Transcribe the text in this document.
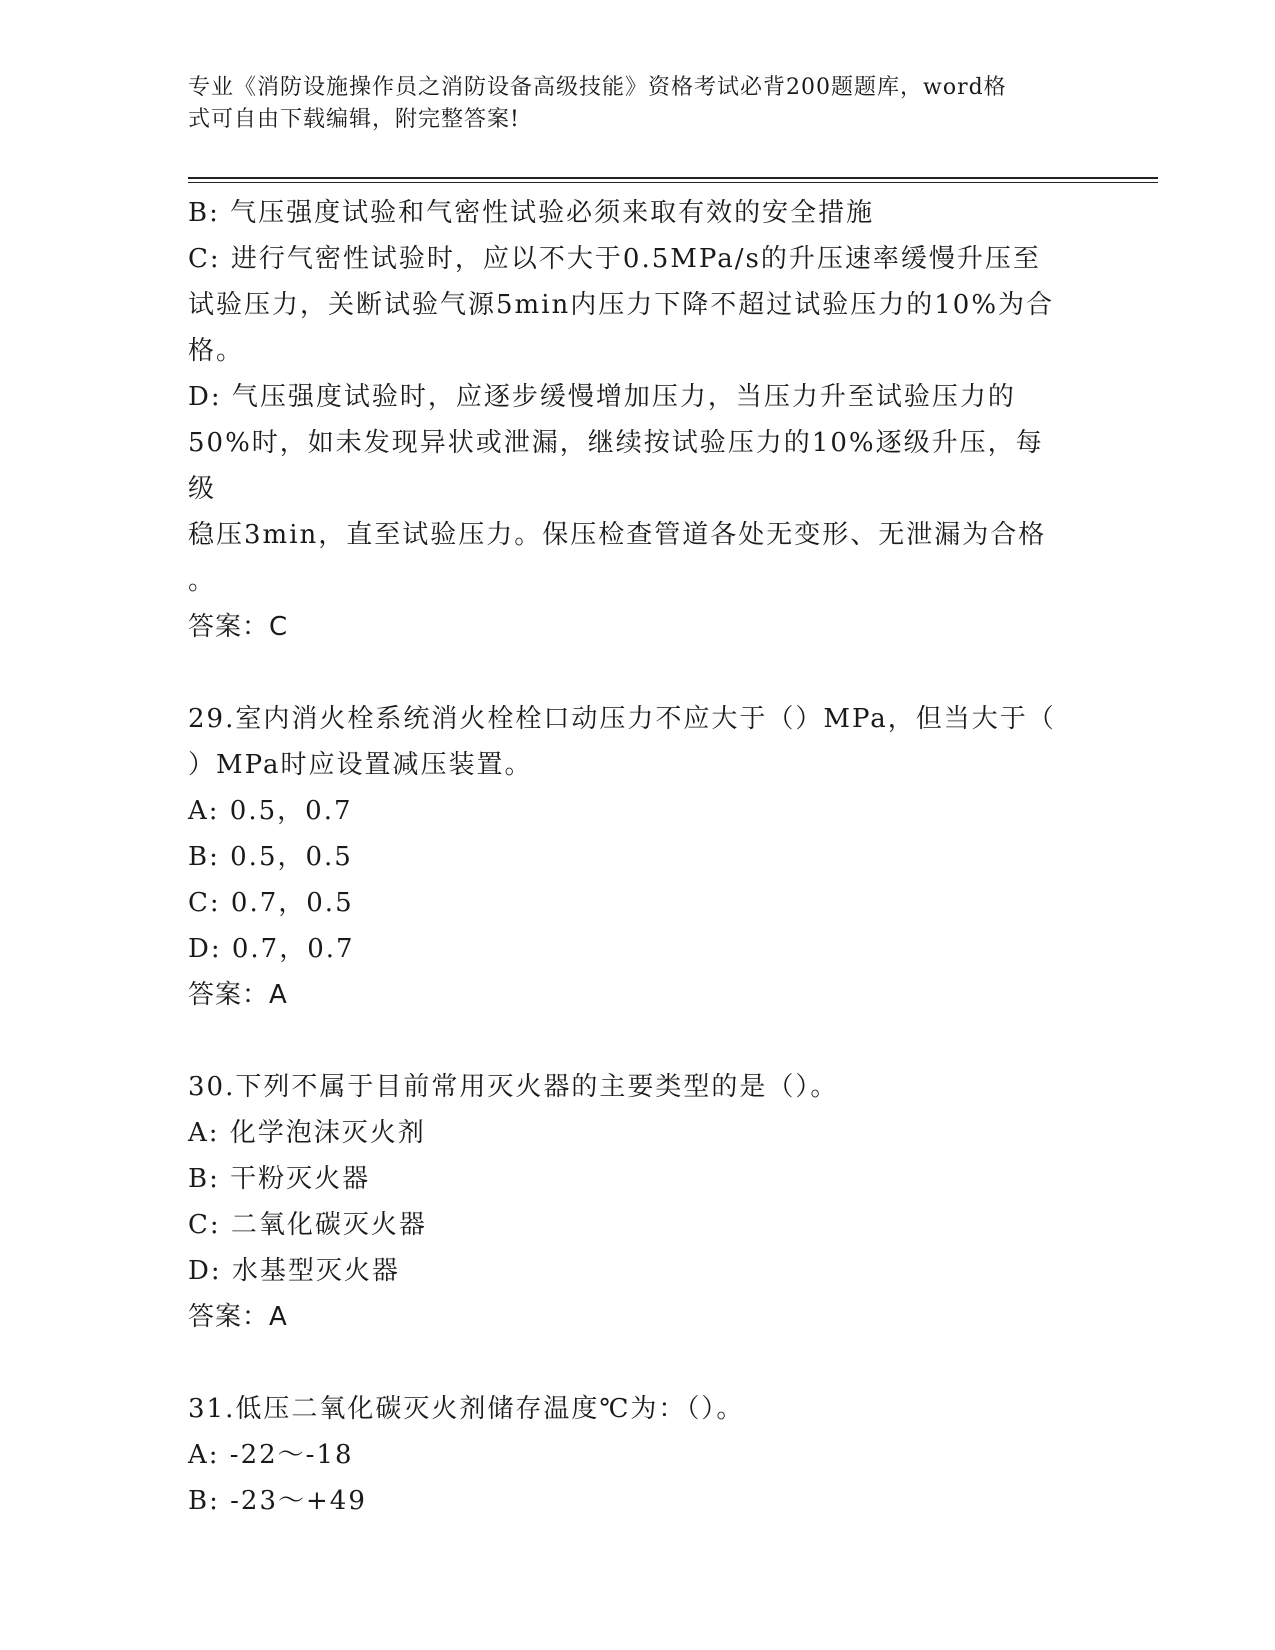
专业《消防设施操作员之消防设备高级技能》资格考试必背200题题库，word格
式可自由下载编辑，附完整答案!
B: 气压强度试验和气密性试验必须来取有效的安全措施
C: 进行气密性试验时，应以不大于0.5MPa/s的升压速率缓慢升压至
试验压力，关断试验气源5min内压力下降不超过试验压力的10%为合
格。
D: 气压强度试验时，应逐步缓慢增加压力，当压力升至试验压力的
50%时，如未发现异状或泄漏，继续按试验压力的10%逐级升压，每级
稳压3min，直至试验压力。保压检查管道各处无变形、无泄漏为合格
。
答案：C
29.室内消火栓系统消火栓栓口动压力不应大于（）MPa，但当大于（
）MPa时应设置减压装置。
A: 0.5，0.7
B: 0.5，0.5
C: 0.7，0.5
D: 0.7，0.7
答案：A
30.下列不属于目前常用灭火器的主要类型的是（）。
A: 化学泡沫灭火剂
B: 干粉灭火器
C: 二氧化碳灭火器
D: 水基型灭火器
答案：A
31.低压二氧化碳灭火剂储存温度℃为：（）。
A: -22～-18
B: -23～+49
